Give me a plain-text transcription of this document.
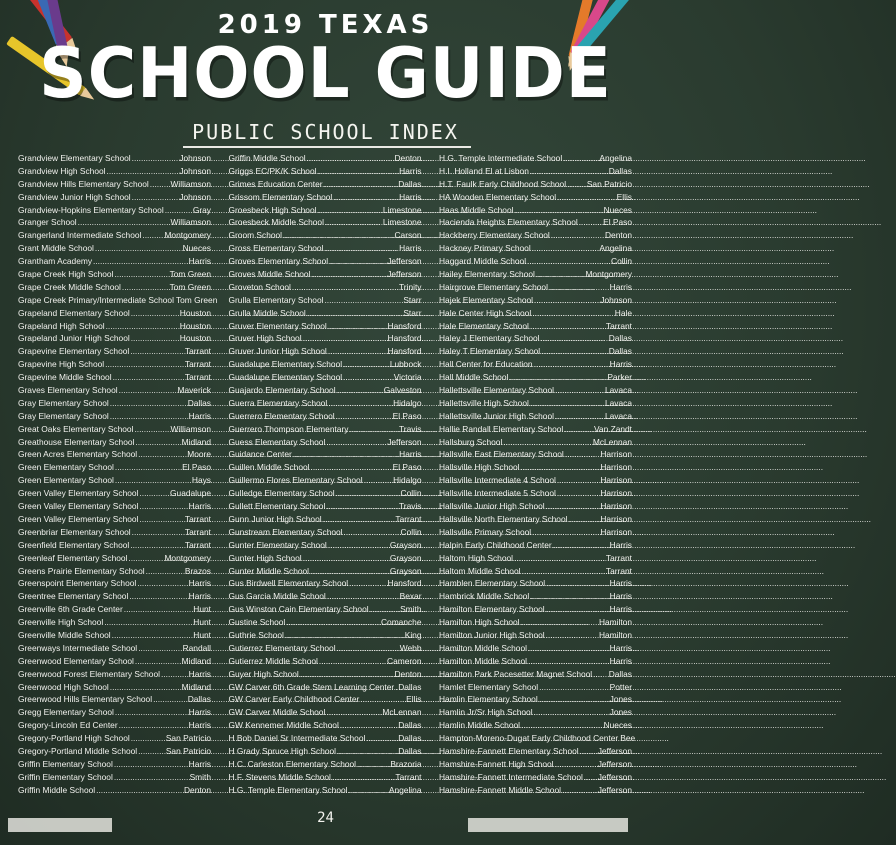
2019 TEXAS
SCHOOL GUIDE
PUBLIC SCHOOL INDEX
Grandview Elementary School .....	Johnson
Grandview High School .....	Johnson
Grandview Hills Elementary School .....	Williamson
Grandview Junior High School .....	Johnson
Grandview-Hopkins Elementary School .....	Gray
Granger School .....	Williamson
Grangerland Intermediate School .....	Montgomery
Grant Middle School .....	Nueces
Grantham Academy .....	Harris
Grape Creek High School .....	Tom Green
Grape Creek Middle School .....	Tom Green
Grape Creek Primary/Intermediate School Tom Green
Grapeland Elementary School .....	Houston
Grapeland High School .....	Houston
Grapeland Junior High School .....	Houston
Grapevine Elementary School .....	Tarrant
Grapevine High School .....	Tarrant
Grapevine Middle School .....	Tarrant
Graves Elementary School .....	Maverick
Gray Elementary School .....	Dallas
Gray Elementary School .....	Harris
Great Oaks Elementary School .....	Williamson
Greathouse Elementary School .....	Midland
Green Acres Elementary School .....	Moore
Green Elementary School .....	El Paso
Green Elementary School .....	Hays
Green Valley Elementary School .....	Guadalupe
Green Valley Elementary School .....	Harris
Green Valley Elementary School .....	Tarrant
Greenbriar Elementary School .....	Tarrant
Greenfield Elementary School .....	Tarrant
Greenleaf Elementary School .....	Montgomery
Greens Prairie Elementary School .....	Brazos
Greenspoint Elementary School .....	Harris
Greentree Elementary School .....	Harris
Greenville 6th Grade Center .....	Hunt
Greenville High School .....	Hunt
Greenville Middle School .....	Hunt
Greenways Intermediate School .....	Randall
Greenwood Elementary School .....	Midland
Greenwood Forest Elementary School .....	Harris
Greenwood High School .....	Midland
Greenwood Hills Elementary School .....	Dallas
Gregg Elementary School .....	Harris
Gregory-Lincoln Ed Center .....	Harris
Gregory-Portland High School .....	San Patricio
Gregory-Portland Middle School .....	San Patricio
Griffin Elementary School .....	Harris
Griffin Elementary School .....	Smith
Griffin Middle School .....	Denton
Griffin Middle School .....	Denton
Griggs EC/PK/K School .....	Harris
Grimes Education Center .....	Dallas
Grissom Elementary School .....	Harris
Groesbeck High School .....	Limestone
Groesbeck Middle School .....	Limestone
Groom School .....	Carson
Gross Elementary School .....	Harris
Groves Elementary School .....	Jefferson
Groves Middle School .....	Jefferson
Groveton School .....	Trinity
Grulla Elementary School .....	Starr
Grulla Middle School .....	Starr
Gruver Elementary School .....	Hansford
Gruver High School .....	Hansford
Gruver Junior High School .....	Hansford
Guadalupe Elementary School .....	Lubbock
Guadalupe Elementary School .....	Victoria
Guajardo Elementary School .....	Galveston
Guerra Elementary School .....	Hidalgo
Guerrero Elementary School .....	El Paso
Guerrero Thompson Elementary .....	Travis
Guess Elementary School .....	Jefferson
Guidance Center .....	Harris
Guillen Middle School .....	El Paso
Guillermo Flores Elementary School .....	Hidalgo
Gulledge Elementary School .....	Collin
Gullett Elementary School .....	Travis
Gunn Junior High School .....	Tarrant
Gunstream Elementary School .....	Collin
Gunter Elementary School .....	Grayson
Gunter High School .....	Grayson
Gunter Middle School .....	Grayson
Gus Birdwell Elementary School .....	Hansford
Gus Garcia Middle School .....	Bexar
Gus Winston Cain Elementary School .....	Smith
Gustine School .....	Comanche
Guthrie School .....	King
Gutierrez Elementary School .....	Webb
Gutierrez Middle School .....	Cameron
Guyer High School .....	Denton
GW Carver 6th Grade Stem Learning Center ..... Dallas
GW Carver Early Childhood Center .....	Ellis
GW Carver Middle School .....	McLennan
GW Kennemer Middle School .....	Dallas
H Bob Daniel Sr Intermediate School .....	Dallas
H Grady Spruce High School .....	Dallas
H.C. Carleston Elementary School .....	Brazoria
H.F. Stevens Middle School .....	Tarrant
H.G. Temple Elementary School .....	Angelina
H.G. Temple Intermediate School .....	Angelina
H.I. Holland El at Lisbon .....	Dallas
H.T. Faulk Early Childhood School ..... San Patricio
HA Wooden Elementary School .....	Ellis
Haas Middle School .....	Nueces
Hacienda Heights Elementary School .....	El Paso
Hackberry Elementary School .....	Denton
Hackney Primary School .....	Angelina
Haggard Middle School .....	Collin
Hailey Elementary School .....	Montgomery
Hairgrove Elementary School .....	Harris
Hajek Elementary School .....	Johnson
Hale Center High School .....	Hale
Hale Elementary School .....	Tarrant
Haley J Elementary School .....	Dallas
Haley T Elementary School .....	Dallas
Hall Center for Education .....	Harris
Hall Middle School .....	Parker
Hallettsville Elementary School .....	Lavaca
Hallettsville High School .....	Lavaca
Hallettsville Junior High School .....	Lavaca
Hallie Randall Elementary School .....	Van Zandt
Hallsburg School .....	McLennan
Hallsville East Elementary School .....	Harrison
Hallsville High School .....	Harrison
Hallsville Intermediate 4 School .....	Harrison
Hallsville Intermediate 5 School .....	Harrison
Hallsville Junior High School .....	Harrison
Hallsville North Elementary School .....	Harrison
Hallsville Primary School .....	Harrison
Halpin Early Childhood Center .....	Harris
Haltom High School .....	Tarrant
Haltom Middle School .....	Tarrant
Hamblen Elementary School .....	Harris
Hambrick Middle School .....	Harris
Hamilton Elementary School .....	Harris
Hamilton High School .....	Hamilton
Hamilton Junior High School .....	Hamilton
Hamilton Middle School .....	Harris
Hamilton Middle School .....	Harris
Hamilton Park Pacesetter Magnet School ..... Dallas
Hamlet Elementary School .....	Potter
Hamlin Elementary School .....	Jones
Hamlin Jr/Sr High School .....	Jones
Hamlin Middle School .....	Nueces
Hampton-Moreno-Dugat Early Childhood Center Bee
Hamshire-Fannett Elementary School ..... Jefferson
Hamshire-Fannett High School .....	Jefferson
Hamshire-Fannett Intermediate School ..... Jefferson
Hamshire-Fannett Middle School .....	Jefferson
24
